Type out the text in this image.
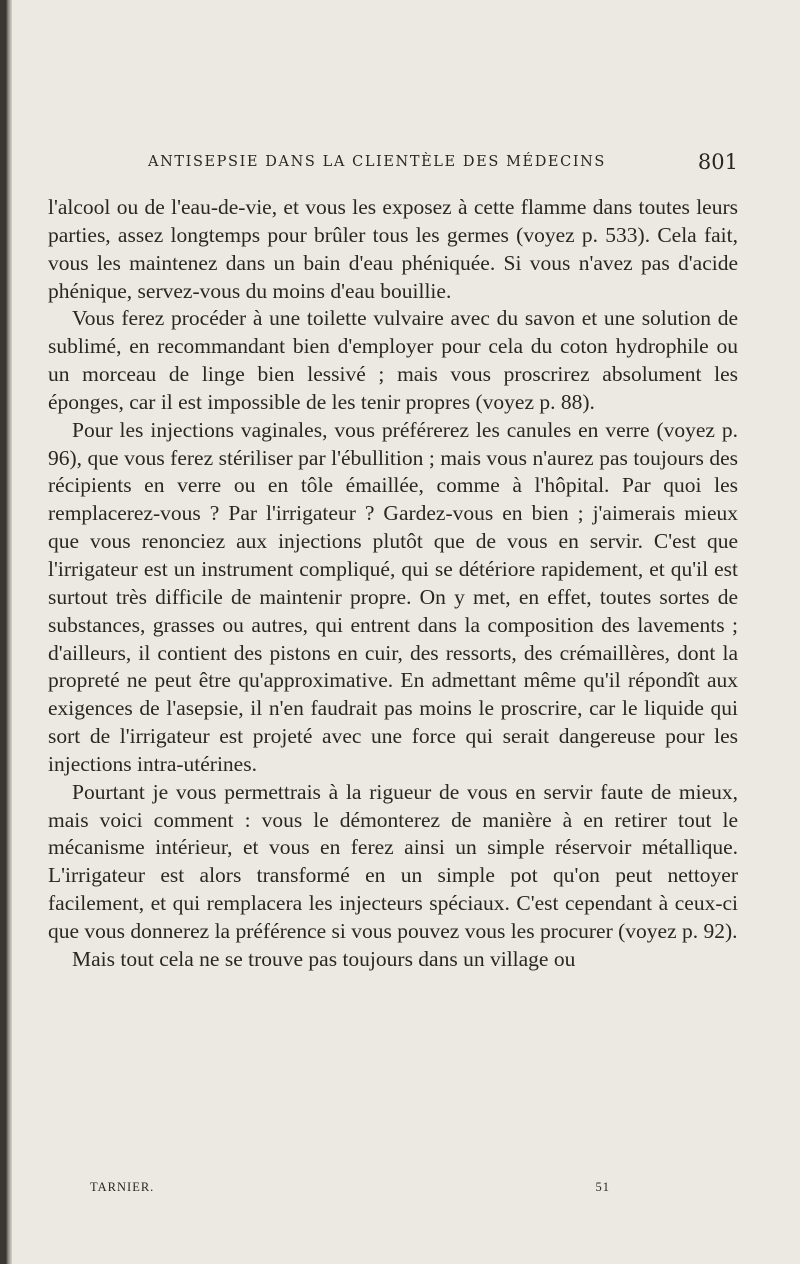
ANTISEPSIE DANS LA CLIENTÈLE DES MÉDECINS	801

l'alcool ou de l'eau-de-vie, et vous les exposez à cette flamme dans toutes leurs parties, assez longtemps pour brûler tous les germes (voyez p. 533). Cela fait, vous les maintenez dans un bain d'eau phéniquée. Si vous n'avez pas d'acide phénique, servez-vous du moins d'eau bouillie.

Vous ferez procéder à une toilette vulvaire avec du savon et une solution de sublimé, en recommandant bien d'employer pour cela du coton hydrophile ou un morceau de linge bien lessivé ; mais vous proscrirez absolument les éponges, car il est impossible de les tenir propres (voyez p. 88).

Pour les injections vaginales, vous préférerez les canules en verre (voyez p. 96), que vous ferez stériliser par l'ébullition ; mais vous n'aurez pas toujours des récipients en verre ou en tôle émaillée, comme à l'hôpital. Par quoi les remplacerez-vous ? Par l'irrigateur ? Gardez-vous en bien ; j'aimerais mieux que vous renonciez aux injections plutôt que de vous en servir. C'est que l'irrigateur est un instrument compliqué, qui se détériore rapidement, et qu'il est surtout très difficile de maintenir propre. On y met, en effet, toutes sortes de substances, grasses ou autres, qui entrent dans la composition des lavements ; d'ailleurs, il contient des pistons en cuir, des ressorts, des crémaillères, dont la propreté ne peut être qu'approximative. En admettant même qu'il répondît aux exigences de l'asepsie, il n'en faudrait pas moins le proscrire, car le liquide qui sort de l'irrigateur est projeté avec une force qui serait dangereuse pour les injections intra-utérines.

Pourtant je vous permettrais à la rigueur de vous en servir faute de mieux, mais voici comment : vous le démonterez de manière à en retirer tout le mécanisme intérieur, et vous en ferez ainsi un simple réservoir métallique. L'irrigateur est alors transformé en un simple pot qu'on peut nettoyer facilement, et qui remplacera les injecteurs spéciaux. C'est cependant à ceux-ci que vous donnerez la préférence si vous pouvez vous les procurer (voyez p. 92).

Mais tout cela ne se trouve pas toujours dans un village ou

TARNIER.	51
